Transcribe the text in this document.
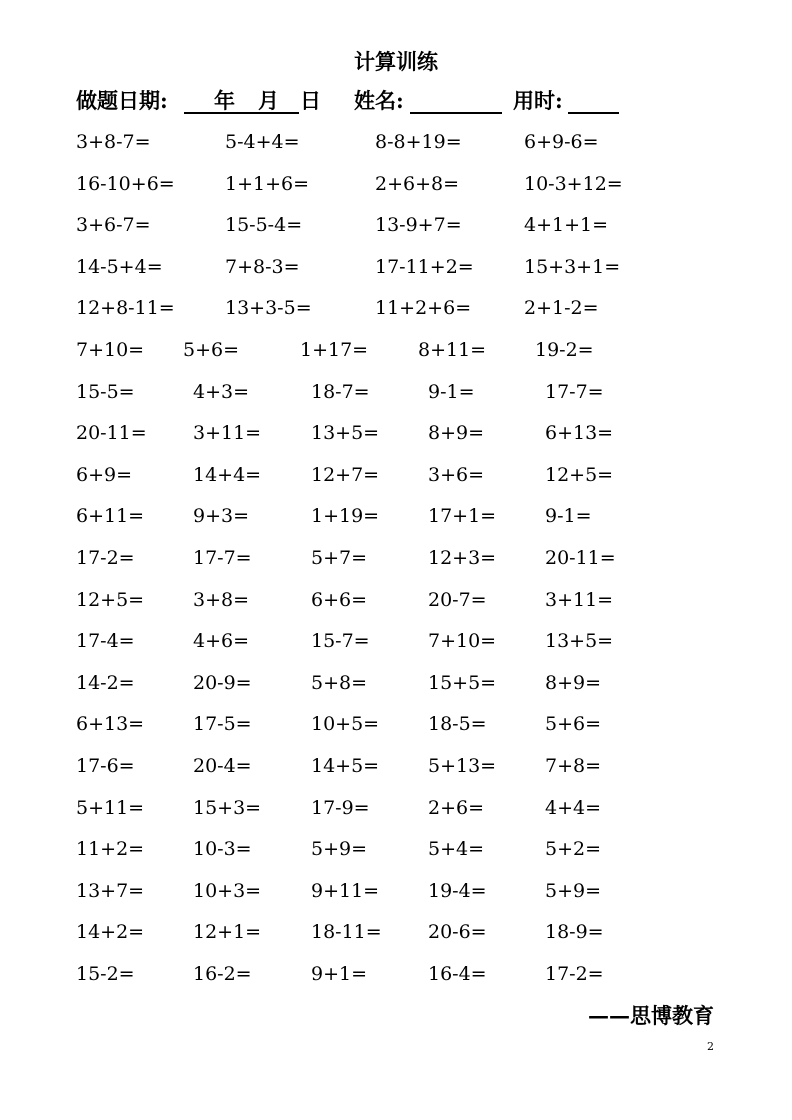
计算训练
做题日期: 年 月 日 姓名:	用时:
3+8-7=	5-4+4=	8-8+19=	6+9-6=
16-10+6=	1+1+6=	2+6+8=	10-3+12=
3+6-7=	15-5-4=	13-9+7=	4+1+1=
14-5+4=	7+8-3=	17-11+2=	15+3+1=
12+8-11=	13+3-5=	11+2+6=	2+1-2=
7+10= 5+6=	1+17=	8+11=	19-2=
15-5=	4+3=	18-7=	9-1=	17-7=
20-11= 3+11=	13+5=	8+9=	6+13=
6+9=	14+4=	12+7=	3+6=	12+5=
6+11=	9+3=	1+19=	17+1=	9-1=
17-2=	17-7=	5+7=	12+3=	20-11=
12+5=	3+8=	6+6=	20-7=	3+11=
17-4=	4+6=	15-7=	7+10=	13+5=
14-2=	20-9=	5+8=	15+5=	8+9=
6+13=	17-5=	10+5=	18-5=	5+6=
17-6=	20-4=	14+5=	5+13=	7+8=
5+11=	15+3=	17-9=	2+6=	4+4=
11+2=	10-3=	5+9=	5+4=	5+2=
13+7=	10+3=	9+11=	19-4=	5+9=
14+2=	12+1=	18-11= 20-6=	18-9=
15-2=	16-2=	9+1=	16-4=	17-2=
——思博教育
2
